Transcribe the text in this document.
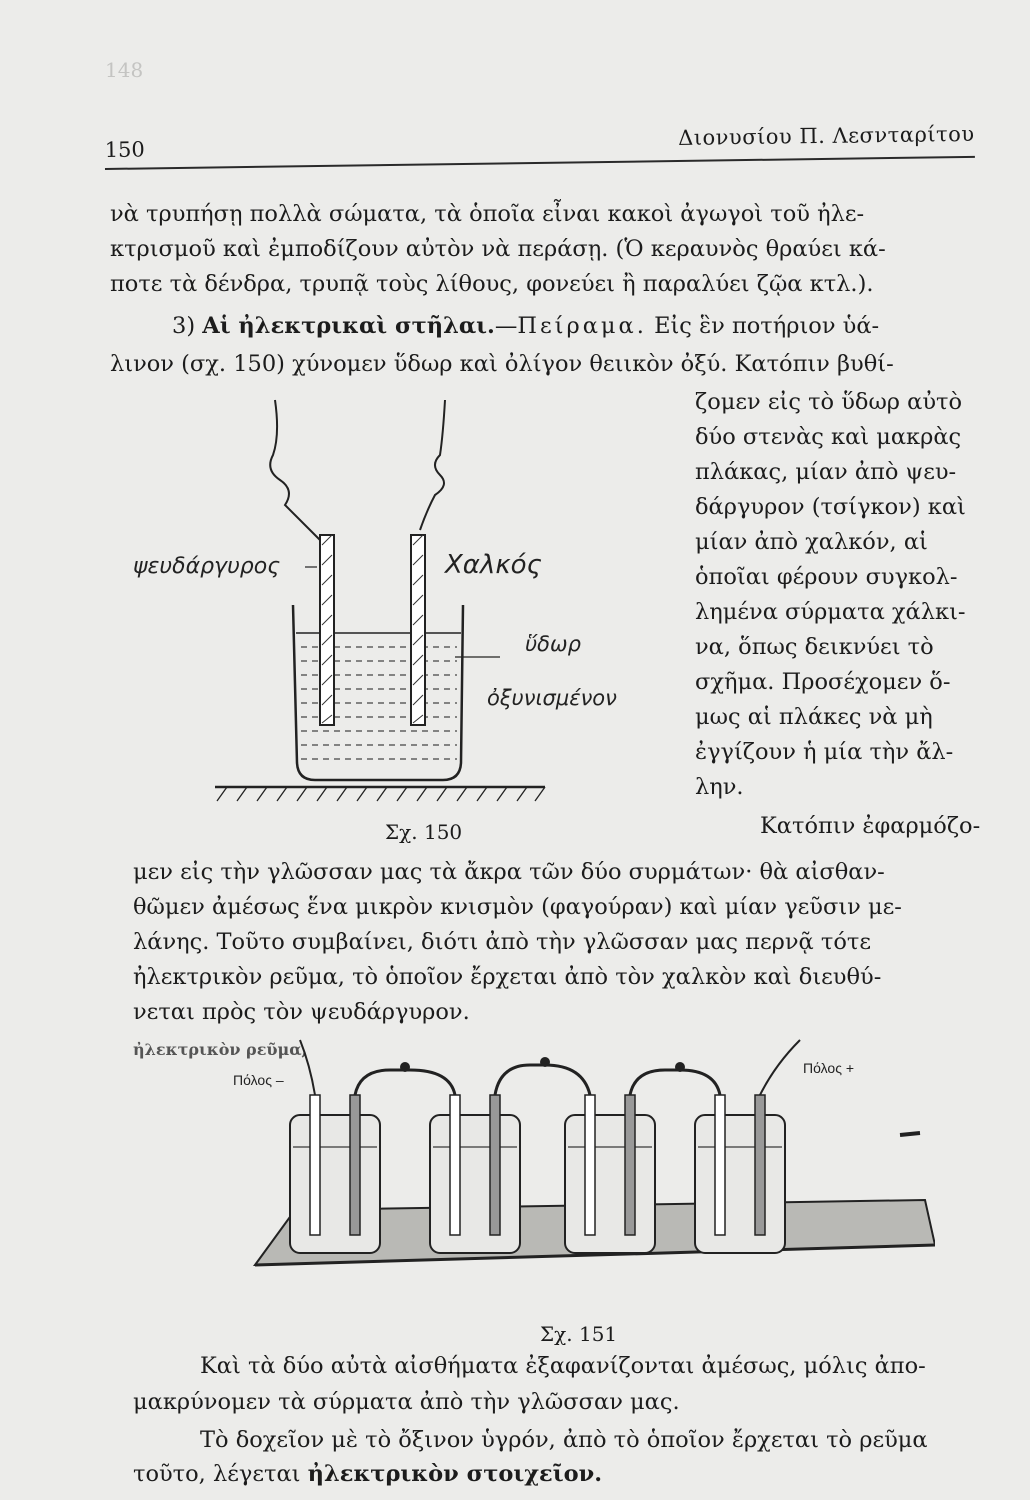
148
150	Διονυσίου Π. Λεσνταρίτου
νὰ τρυπήσῃ πολλὰ σώματα, τὰ ὁποῖα εἶναι κακοὶ ἀγωγοὶ τοῦ ἠλε-
κτρισμοῦ καὶ ἐμποδίζουν αὐτὸν νὰ περάσῃ. (Ὁ κεραυνὸς θραύει κά-
ποτε τὰ δένδρα, τρυπᾷ τοὺς λίθους, φονεύει ἢ παραλύει ζῷα κτλ.).
3) Αἱ ἠλεκτρικαὶ στῆλαι.—Πείραμα. Εἰς ἓν ποτήριον ὑά-
λινον (σχ. 150) χύνομεν ὕδωρ καὶ ὀλίγον θειικὸν ὀξύ. Κατόπιν βυθί-
ζομεν εἰς τὸ ὕδωρ αὐτὸ
δύο στενὰς καὶ μακρὰς
πλάκας, μίαν ἀπὸ ψευ-
δάργυρον (τσίγκον) καὶ
μίαν ἀπὸ χαλκόν, αἱ
ὁποῖαι φέρουν συγκολ-
λημένα σύρματα χάλκι-
να, ὅπως δεικνύει τὸ
σχῆμα. Προσέχομεν ὅ-
μως αἱ πλάκες νὰ μὴ
ἐγγίζουν ἡ μία τὴν ἄλ-
λην.
Κατόπιν ἐφαρμόζο-
ψευδάργυρος	Χαλκός
ὕδωρ
ὀξυνισμένον
Σχ. 150
μεν εἰς τὴν γλῶσσαν μας τὰ ἄκρα τῶν δύο συρμάτων· θὰ αἰσθαν-
θῶμεν ἀμέσως ἕνα μικρὸν κνισμὸν (φαγούραν) καὶ μίαν γεῦσιν με-
λάνης. Τοῦτο συμβαίνει, διότι ἀπὸ τὴν γλῶσσαν μας περνᾷ τότε
ἠλεκτρικὸν ρεῦμα, τὸ ὁποῖον ἔρχεται ἀπὸ τὸν χαλκὸν καὶ διευθύ-
νεται πρὸς τὸν ψευδάργυρον.
ἠλεκτρικὸν ρεῦμα,
Πόλος –
Πόλος +
Σχ. 151
Καὶ τὰ δύο αὐτὰ αἰσθήματα ἐξαφανίζονται ἀμέσως, μόλις ἀπο-
μακρύνομεν τὰ σύρματα ἀπὸ τὴν γλῶσσαν μας.
Τὸ δοχεῖον μὲ τὸ ὄξινον ὑγρόν, ἀπὸ τὸ ὁποῖον ἔρχεται τὸ ρεῦμα
τοῦτο, λέγεται ἠλεκτρικὸν στοιχεῖον.
